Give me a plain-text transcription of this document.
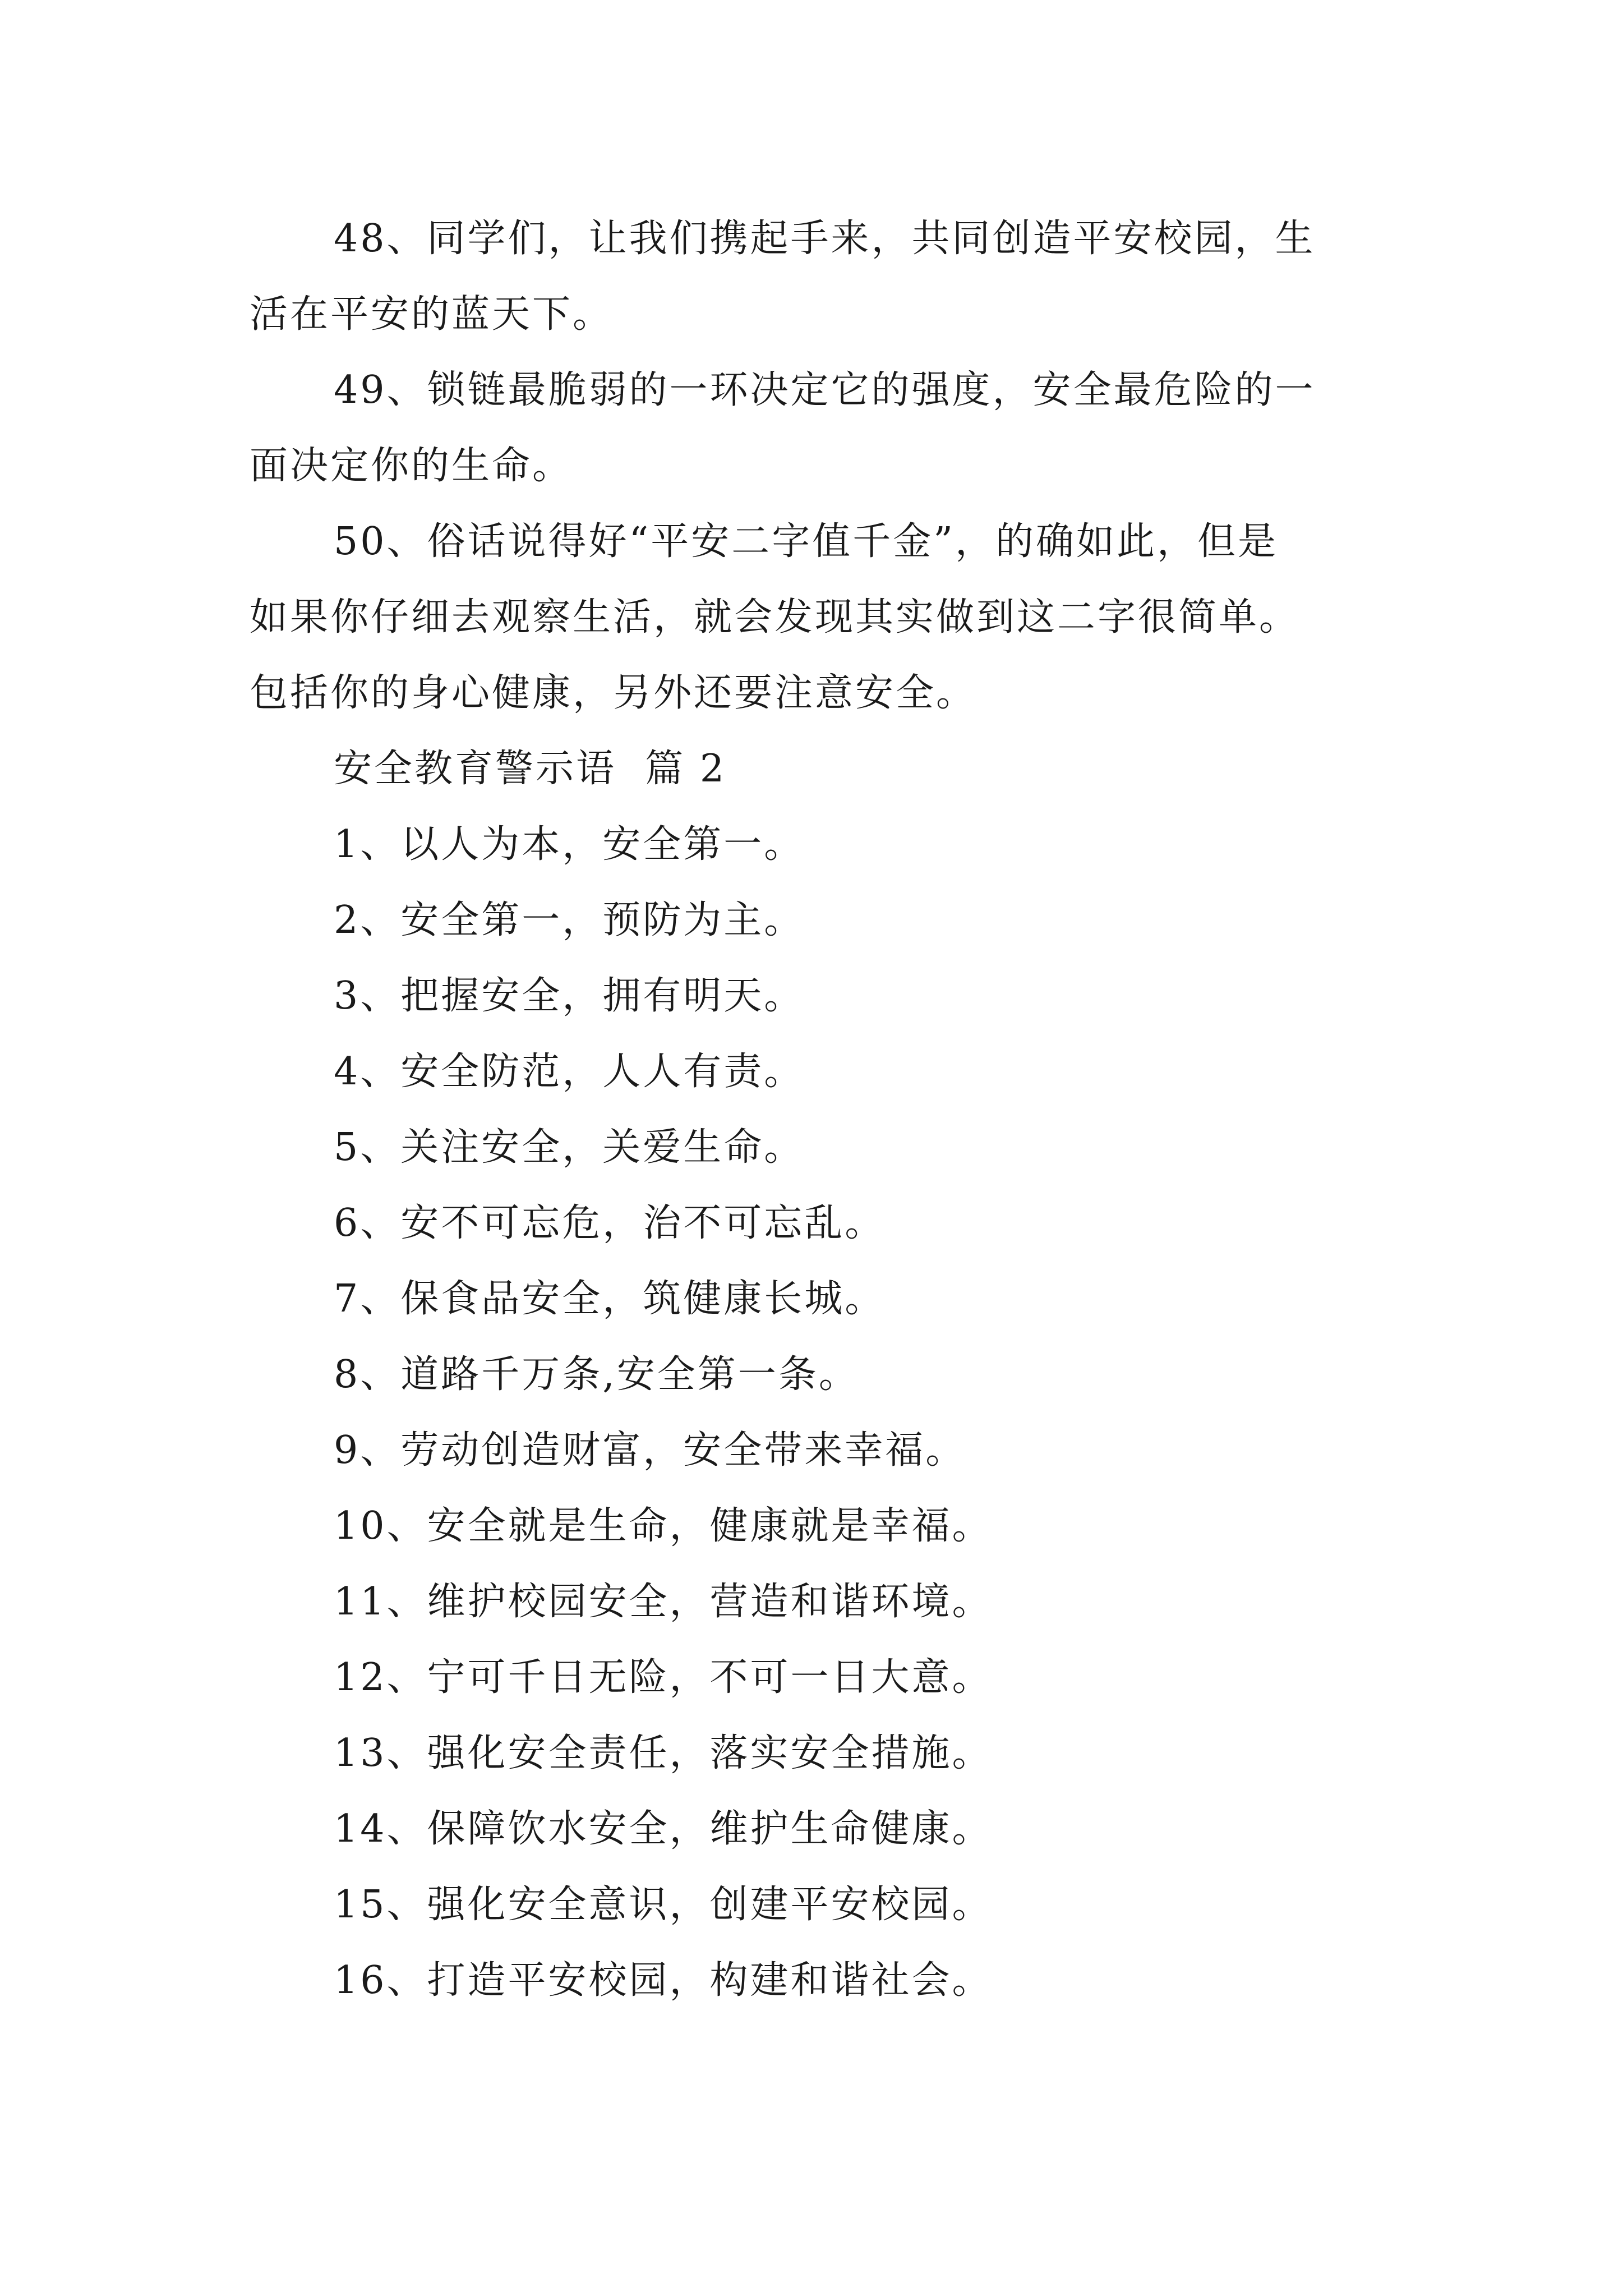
48、同学们，让我们携起手来，共同创造平安校园，生
活在平安的蓝天下。

49、锁链最脆弱的一环决定它的强度，安全最危险的一
面决定你的生命。

50、俗话说得好“平安二字值千金”，的确如此，但是
如果你仔细去观察生活，就会发现其实做到这二字很简单。
包括你的身心健康，另外还要注意安全。

安全教育警示语  篇 2

1、以人为本，安全第一。

2、安全第一，预防为主。

3、把握安全，拥有明天。

4、安全防范，人人有责。

5、关注安全，关爱生命。

6、安不可忘危，治不可忘乱。

7、保食品安全，筑健康长城。

8、道路千万条,安全第一条。

9、劳动创造财富，安全带来幸福。

10、安全就是生命，健康就是幸福。

11、维护校园安全，营造和谐环境。

12、宁可千日无险，不可一日大意。

13、强化安全责任，落实安全措施。

14、保障饮水安全，维护生命健康。

15、强化安全意识，创建平安校园。

16、打造平安校园，构建和谐社会。
